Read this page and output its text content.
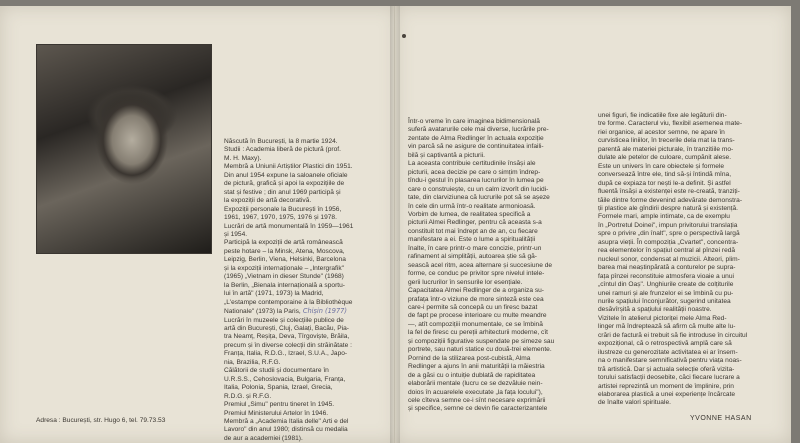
Născută în București, la 8 martie 1924.
Studii : Academia liberă de pictură (prof.
M. H. Maxy).
Membră a Uniunii Artiștilor Plastici din 1951.
Din anul 1954 expune la saloanele oficiale
de pictură, grafică și apoi la expozițiile de
stat și festive ; din anul 1969 participă și
la expoziții de artă decorativă.
Expoziții personale la București în 1956,
1961, 1967, 1970, 1975, 1976 și 1978.
Lucrări de artă monumentală în 1959—1961
și 1954.
Participă la expoziții de artă românească
peste hotare – la Minsk, Atena, Moscova,
Leipzig, Berlin, Viena, Helsinki, Barcelona
și la expoziții internaționale – „Intergrafik"
(1965) „Vietnam in dieser Stunde" (1968)
la Berlin, „Bienala internațională a sportu-
lui în artă" (1971, 1973) la Madrid,
„L'estampe contemporaine à la Bibliothèque
Nationale" (1973) la Paris, Chișin (1977)
Lucrări în muzeele și colecțiile publice de
artă din București, Cluj, Galați, Bacău, Pia-
tra Neamț, Reșița, Deva, Tîrgoviște, Brăila,
precum și în diverse colecții din străinătate :
Franța, Italia, R.D.G., Izrael, S.U.A., Japo-
nia, Brazilia, R.F.G.
Călătorii de studii și documentare în
U.R.S.S., Cehoslovacia, Bulgaria, Franța,
Italia, Polonia, Spania, Izrael, Grecia,
R.D.G. și R.F.G.
Premiul „Simu" pentru tineret în 1945.
Premiul Ministerului Artelor în 1946.
Membră a „Academia Italia delle" Arti e del
Lavoro" din anul 1980; distinsă cu medalia
de aur a academiei (1981).
Adresa : București, str. Hugo 6, tel. 79.73.53
Într-o vreme în care imaginea bidimensională
suferă avatarurile cele mai diverse, lucrările pre-
zentate de Alma Redlinger în actuala expoziție
vin parcă să ne asigure de continuitatea infaili-
bilă și captivantă a picturii.
La aceasta contribuie certitudinile însăși ale
picturii, acea decizie pe care o simțim îndrep-
tîndu-i gestul în plasarea lucrurilor în lumea pe
care o construiește, cu un calm izvorît din lucidi-
tate, din clarviziunea că lucrurile pot să se așeze
în cele din urmă într-o realitate armonioasă.
Vorbim de lumea, de realitatea specifică a
picturii Almei Redlinger, pentru că aceasta s-a
constituit tot mai îndrept an de an, cu fiecare
manifestare a ei. Este o lume a spiritualității
înalte, în care printr-o mare concizie, printr-un
rafinament al simplității, autoarea știe să gă-
sească acel ritm, acea alternare și succesiune de
forme, ce conduc pe privitor spre nivelul intele-
gerii lucrurilor în sensurile lor esențiale.
Capacitatea Almei Redlinger de a organiza su-
prafața într-o viziune de more sinteză este cea
care-i permite să concepă cu un firesc bazat
de fapt pe procese interioare cu multe meandre
—, atît compozițiii monumentale, ce se îmbină
la fel de firesc cu pereții arhitecturii moderne, cît
și compozițiii figurative suspendate pe simeze sau
portrete, sau naturi statice cu două-trei elemente.
Pornind de la stilizarea post-cubistă, Alma
Redlinger a ajuns în anii maturității la măiestria
de a găsi cu o intuiție dublată de rapiditatea
elaborării mentale (lucru ce se dezvăluie nein-
doios în acuarelele executate „la fața locului"),
cele cîteva semne ce-i sînt necesare exprimării
și specifice, semne ce devin fie caracterizantele
unei figuri, fie indicatiile fixe ale legăturii din-
tre forme. Caracterul viu, flexibil asemenea mate-
riei organice, al acestor semne, ne apare în
curvisticea liniilor, în trecerile dela mat la trans-
parentă ale materiei picturale, în tranzitiile mo-
dulate ale petelor de culoare, cumpănit alese.
Este un univers în care obiectele și formele
conversează între ele, tind să-și întindă mîna,
după ce expiaza tor nești le-a definit. Și astfel
fluentă însăși a existenței este re-creată, tranziți-
tăile dintre forme devenind adevărate demonstra-
ții plastice ale gîndirii despre natură și existență.
Formele mari, ample intimate, ca de exemplu
în „Portretul Doinei", impun privitorului translația
spre o privire „din înalt", spre o perspectivă largă
asupra vieții. În compoziția „Cvartet", concentra-
rea elementelor în spațiul central al pînzei redă
nucleul sonor, condensat al muzicii. Alteori, plim-
barea mai neaștinpărată a conturelor pe supra-
fața pînzei reconstituie atmosfera vioaie a unui
„cîntul din Oaș". Unghiurile create de colțiturile
unei ramuri și ale frunzelor ei se îmbină cu pu-
nurile spațiului înconjurător, sugerind unitatea
desăvîrșită a spațiului realității noastre.
Vizitele în atelierul pictoriței mele Alma Red-
linger mă îndreptează să afirm că multe alte lu-
crări de factură ei trebuit să fie introduse în circuitul
expozițional, că o retrospectivă amplă care să
ilustreze cu generozitate activitatea ei ar însem-
na o manifestare semnificativă pentru viața noas-
tră artistică. Dar și actuala selecție oferă vizita-
torului satisfacții deosebite, căci fiecare lucrare a
artistei reprezintă un moment de împlinire, prin
elaborarea plastică a unei experiențe încărcate
de înalte valori spirituale.
YVONNE HASAN
